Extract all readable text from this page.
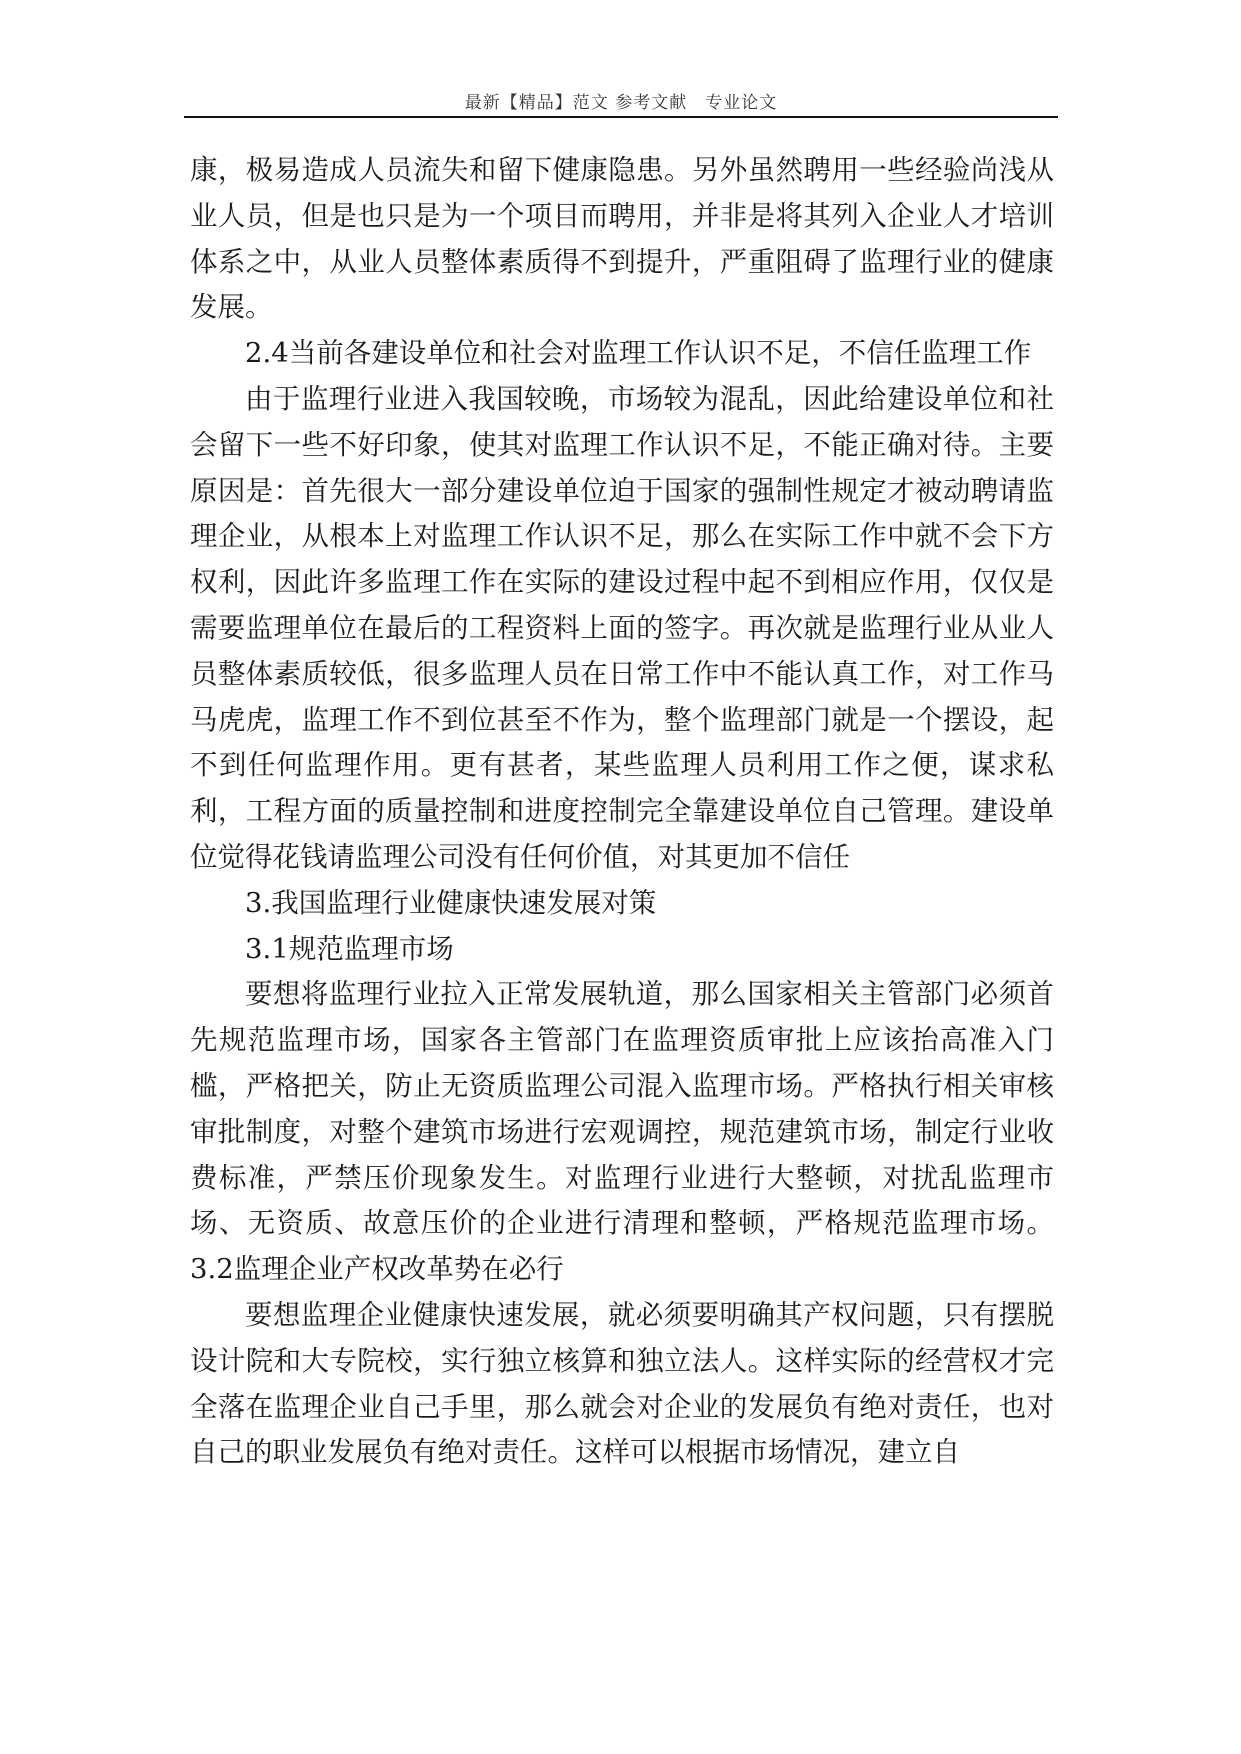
最新【精品】范文 参考文献　专业论文

康，极易造成人员流失和留下健康隐患。另外虽然聘用一些经验尚浅从业人员，但是也只是为一个项目而聘用，并非是将其列入企业人才培训体系之中，从业人员整体素质得不到提升，严重阻碍了监理行业的健康发展。

2.4当前各建设单位和社会对监理工作认识不足，不信任监理工作

由于监理行业进入我国较晚，市场较为混乱，因此给建设单位和社会留下一些不好印象，使其对监理工作认识不足，不能正确对待。主要原因是：首先很大一部分建设单位迫于国家的强制性规定才被动聘请监理企业，从根本上对监理工作认识不足，那么在实际工作中就不会下方权利，因此许多监理工作在实际的建设过程中起不到相应作用，仅仅是需要监理单位在最后的工程资料上面的签字。再次就是监理行业从业人员整体素质较低，很多监理人员在日常工作中不能认真工作，对工作马马虎虎，监理工作不到位甚至不作为，整个监理部门就是一个摆设，起不到任何监理作用。更有甚者，某些监理人员利用工作之便，谋求私利，工程方面的质量控制和进度控制完全靠建设单位自己管理。建设单位觉得花钱请监理公司没有任何价值，对其更加不信任

3.我国监理行业健康快速发展对策

3.1规范监理市场

要想将监理行业拉入正常发展轨道，那么国家相关主管部门必须首先规范监理市场，国家各主管部门在监理资质审批上应该抬高准入门槛，严格把关，防止无资质监理公司混入监理市场。严格执行相关审核审批制度，对整个建筑市场进行宏观调控，规范建筑市场，制定行业收费标准，严禁压价现象发生。对监理行业进行大整顿，对扰乱监理市场、无资质、故意压价的企业进行清理和整顿，严格规范监理市场。3.2监理企业产权改革势在必行

要想监理企业健康快速发展，就必须要明确其产权问题，只有摆脱设计院和大专院校，实行独立核算和独立法人。这样实际的经营权才完全落在监理企业自己手里，那么就会对企业的发展负有绝对责任，也对自己的职业发展负有绝对责任。这样可以根据市场情况，建立自
